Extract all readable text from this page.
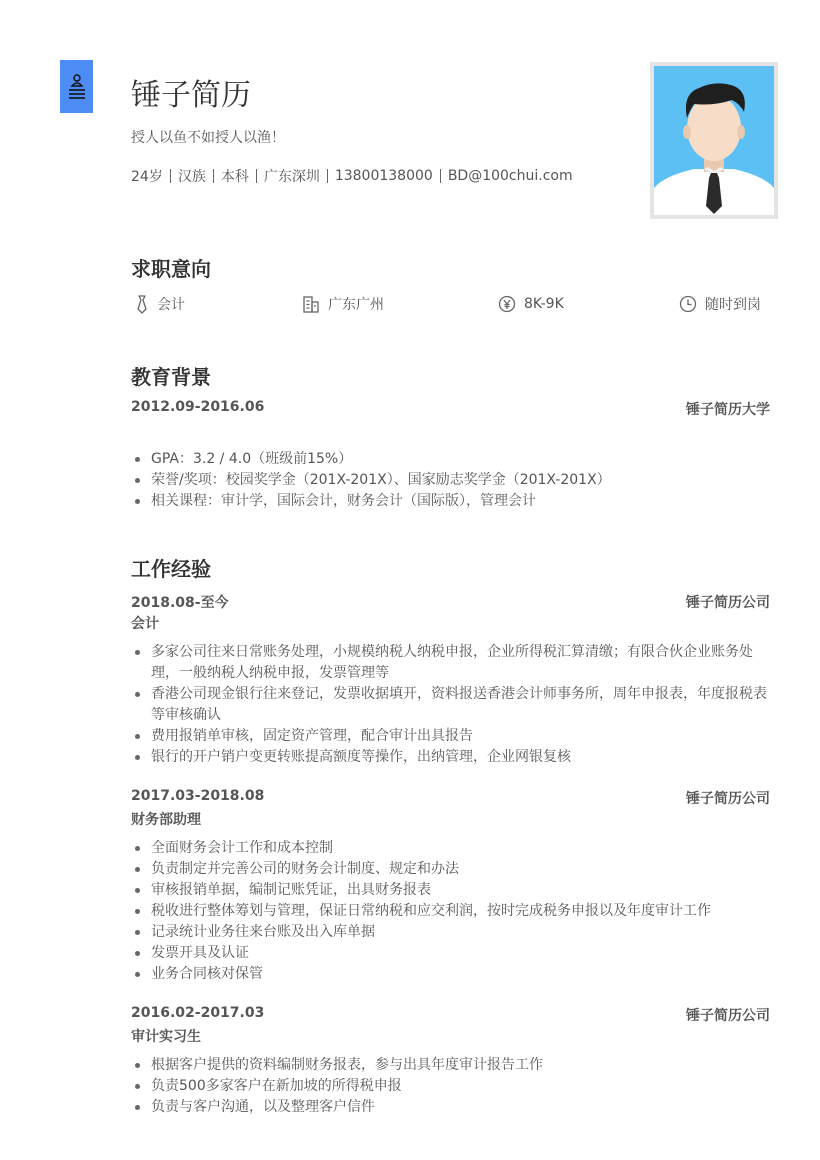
锤子简历
授人以鱼不如授人以渔！
24岁 汉族 本科 广东深圳 13800138000 BD@100chui.com
求职意向
会计	广东广州	8K-9K	随时到岗
教育背景
2012.09-2016.06	锤子简历大学
GPA：3.2 / 4.0（班级前15%）
荣誉/奖项：校园奖学金（201X-201X）、国家励志奖学金（201X-201X）
相关课程：审计学，国际会计，财务会计（国际版），管理会计
工作经验
2018.08-至今	锤子简历公司
会计
多家公司往来日常账务处理，小规模纳税人纳税申报，企业所得税汇算清缴；有限合伙企业账务处理，一般纳税人纳税申报，发票管理等
香港公司现金银行往来登记，发票收据填开，资料报送香港会计师事务所，周年申报表，年度报税表等审核确认
费用报销单审核，固定资产管理，配合审计出具报告
银行的开户销户变更转账提高额度等操作，出纳管理，企业网银复核
2017.03-2018.08	锤子简历公司
财务部助理
全面财务会计工作和成本控制
负责制定并完善公司的财务会计制度、规定和办法
审核报销单据，编制记账凭证，出具财务报表
税收进行整体筹划与管理，保证日常纳税和应交利润，按时完成税务申报以及年度审计工作
记录统计业务往来台账及出入库单据
发票开具及认证
业务合同核对保管
2016.02-2017.03	锤子简历公司
审计实习生
根据客户提供的资料编制财务报表，参与出具年度审计报告工作
负责500多家客户在新加坡的所得税申报
负责与客户沟通，以及整理客户信件
